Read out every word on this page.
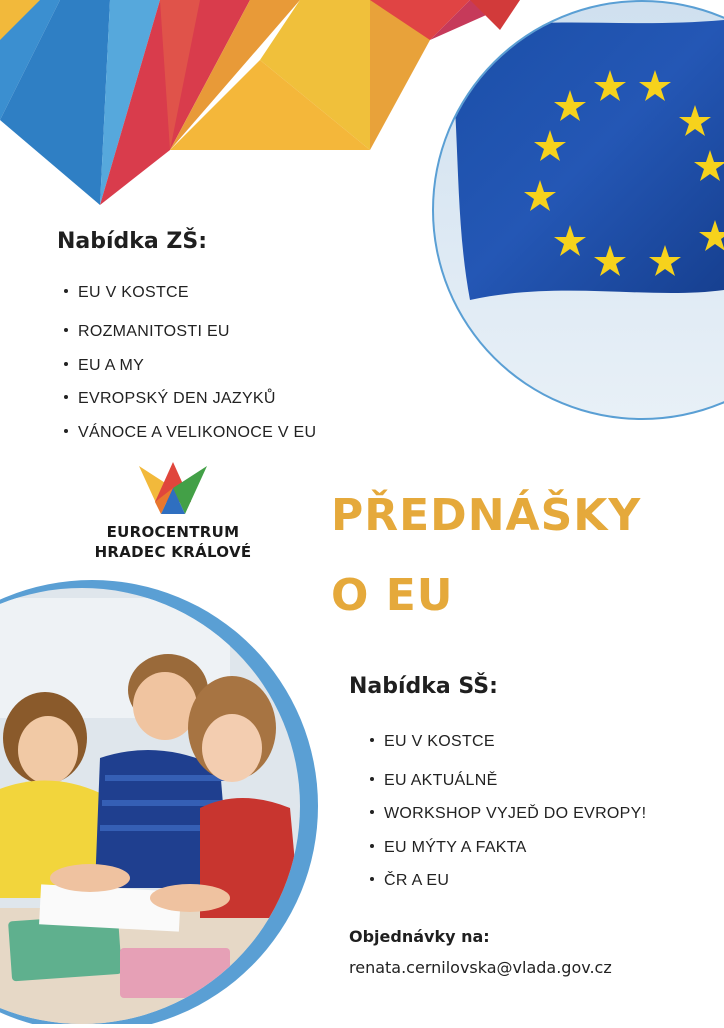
Nabídka ZŠ:
EU V KOSTCE
ROZMANITOSTI EU
EU A MY
EVROPSKÝ DEN JAZYKŮ
VÁNOCE A VELIKONOCE V EU
EUROCENTRUM
HRADEC KRÁLOVÉ
PŘEDNÁŠKY
O EU
Nabídka SŠ:
EU V KOSTCE
EU AKTUÁLNĚ
WORKSHOP VYJEĎ DO EVROPY!
EU MÝTY A FAKTA
ČR A EU
Objednávky na:
renata.cernilovska@vlada.gov.cz
